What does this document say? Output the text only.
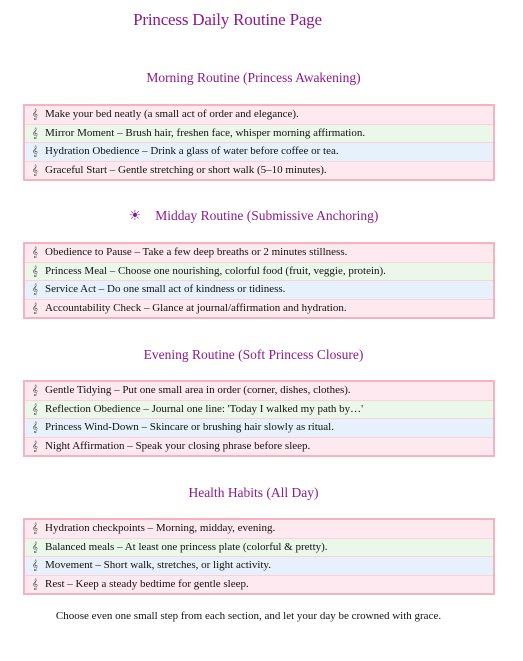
Princess Daily Routine Page
Morning Routine (Princess Awakening)
𝄞 Make your bed neatly (a small act of order and elegance).
𝄞 Mirror Moment – Brush hair, freshen face, whisper morning affirmation.
𝄞 Hydration Obedience – Drink a glass of water before coffee or tea.
𝄞 Graceful Start – Gentle stretching or short walk (5–10 minutes).
☀ Midday Routine (Submissive Anchoring)
𝄞 Obedience to Pause – Take a few deep breaths or 2 minutes stillness.
𝄞 Princess Meal – Choose one nourishing, colorful food (fruit, veggie, protein).
𝄞 Service Act – Do one small act of kindness or tidiness.
𝄞 Accountability Check – Glance at journal/affirmation and hydration.
Evening Routine (Soft Princess Closure)
𝄞 Gentle Tidying – Put one small area in order (corner, dishes, clothes).
𝄞 Reflection Obedience – Journal one line: 'Today I walked my path by…'
𝄞 Princess Wind-Down – Skincare or brushing hair slowly as ritual.
𝄞 Night Affirmation – Speak your closing phrase before sleep.
Health Habits (All Day)
𝄞 Hydration checkpoints – Morning, midday, evening.
𝄞 Balanced meals – At least one princess plate (colorful & pretty).
𝄞 Movement – Short walk, stretches, or light activity.
𝄞 Rest – Keep a steady bedtime for gentle sleep.
Choose even one small step from each section, and let your day be crowned with grace.
